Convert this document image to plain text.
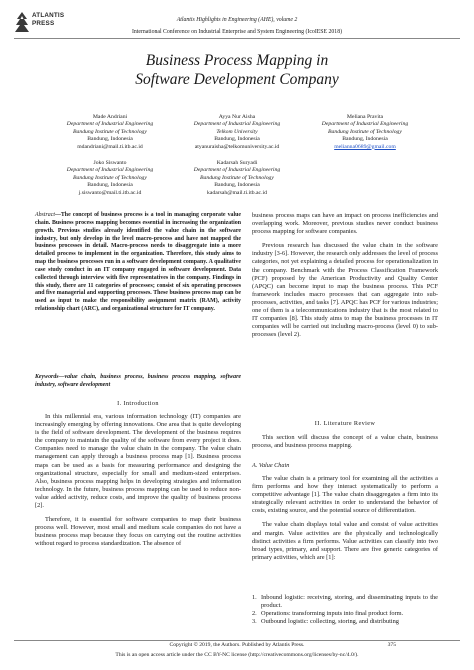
ATLANTIS
PRESS	Atlantis Highlights in Engineering (AHE), volume 2
International Conference on Industrial Enterprise and System Engineering (IcoIESE 2018)
Business Process Mapping in
Software Development Company
Made Andriani
Department of Industrial Engineering
Bandung Institute of Technology
Bandung, Indonesia
mdandriani@mail.ti.itb.ac.id
Ayya Nur Aisha
Department of Industrial Engineering
Telkom University
Bandung, Indonesia
atyanuraisha@telkomuniversity.ac.id
Meliana Pravita
Department of Industrial Engineering
Bandung Institute of Technology
Bandung, Indonesia
melianna0689@gmail.com
Joko Siswanto
Department of Industrial Engineering
Bandung Institute of Technology
Bandung, Indonesia
j.siswanto@mail.ti.itb.ac.id
Kadarsah Suryadi
Department of Industrial Engineering
Bandung Institute of Technology
Bandung, Indonesia
kadarsah@mail.ti.itb.ac.id
Abstract—The concept of business process is a tool in managing corporate value chain. Business process mapping becomes essential in increasing the organization growth. Previous studies already identified the value chain in the software industry, but only develop in the level macro-process and have not mapped the business processes in detail. Macro-process needs to disaggregate into a more detailed process to implement in the organization. Therefore, this study aims to map the business processes run in a software development company. A qualitative case study conduct in an IT company engaged in software development. Data collected through interview with five representatives in the company. Findings in this study, there are 11 categories of processes; consist of six operating processes and five managerial and supporting processes. These business process map can be used as input to make the responsibility assignment matrix (RAM), activity relationship chart (ARC), and organizational structure for IT company.
Keywords—value chain, business process, business process mapping, software industry, software development
I. Introduction

In this millennial era, various information technology (IT) companies are increasingly emerging by offering innovations. One area that is quite developing is the field of software development. The development of the business requires the company to maintain the quality of the software from every project it does. Companies need to manage the value chain in the company. The value chain management can apply through a business process map [1]. Business process maps can be used as a basis for measuring performance and designing the organizational structure, especially for small and medium-sized enterprises. Also, business process mapping helps in developing strategies and information technology. In the future, business process mapping can be used to reduce non-value added activity, reduce costs, and improve the quality of business process [2].

Therefore, it is essential for software companies to map their business process well. However, most small and medium scale companies do not have a business process map because they focus on carrying out the routine activities without regard to process standardization. The absence of

business process maps can have an impact on process inefficiencies and overlapping work. Moreover, previous studies never conduct business process mapping for software companies.

Previous research has discussed the value chain in the software industry [3-6]. However, the research only addresses the level of process categories, not yet explaining a detailed process for operationalization in the company. Benchmark with the Process Classification Framework (PCF) proposed by the American Productivity and Quality Center (APQC) can become input to map the business process. This PCF framework includes macro processes that can aggregate into sub-processes, activities, and tasks [7]. APQC has PCF for various industries; one of them is a telecommunications industry that is the most related to IT companies [8]. This study aims to map the business processes in IT companies will be carried out including macro-process (level 0) to sub-processes (level 2).

II. Literature Review

This section will discuss the concept of a value chain, business process, and business process mapping.

A. Value Chain

The value chain is a primary tool for examining all the activities a firm performs and how they interact systematically to perform a competitive advantage [1]. The value chain disaggregates a firm into its strategically relevant activities in order to understand the behavior of costs, existing source, and the potential source of differentiation.

The value chain displays total value and consist of value activities and margin. Value activities are the physically and technologically distinct activities a firm performs. Value activities can classify into two broad types, primary, and support. There are five generic categories of primary activities, which are [1]:

1. Inbound logistic: receiving, storing, and disseminating inputs to the product.
2. Operations: transforming inputs into final product form.
3. Outbound logistic: collecting, storing, and distributing
Copyright © 2019, the Authors. Published by Atlantis Press.	375
This is an open access article under the CC BY-NC license (http://creativecommons.org/licenses/by-nc/4.0/).
